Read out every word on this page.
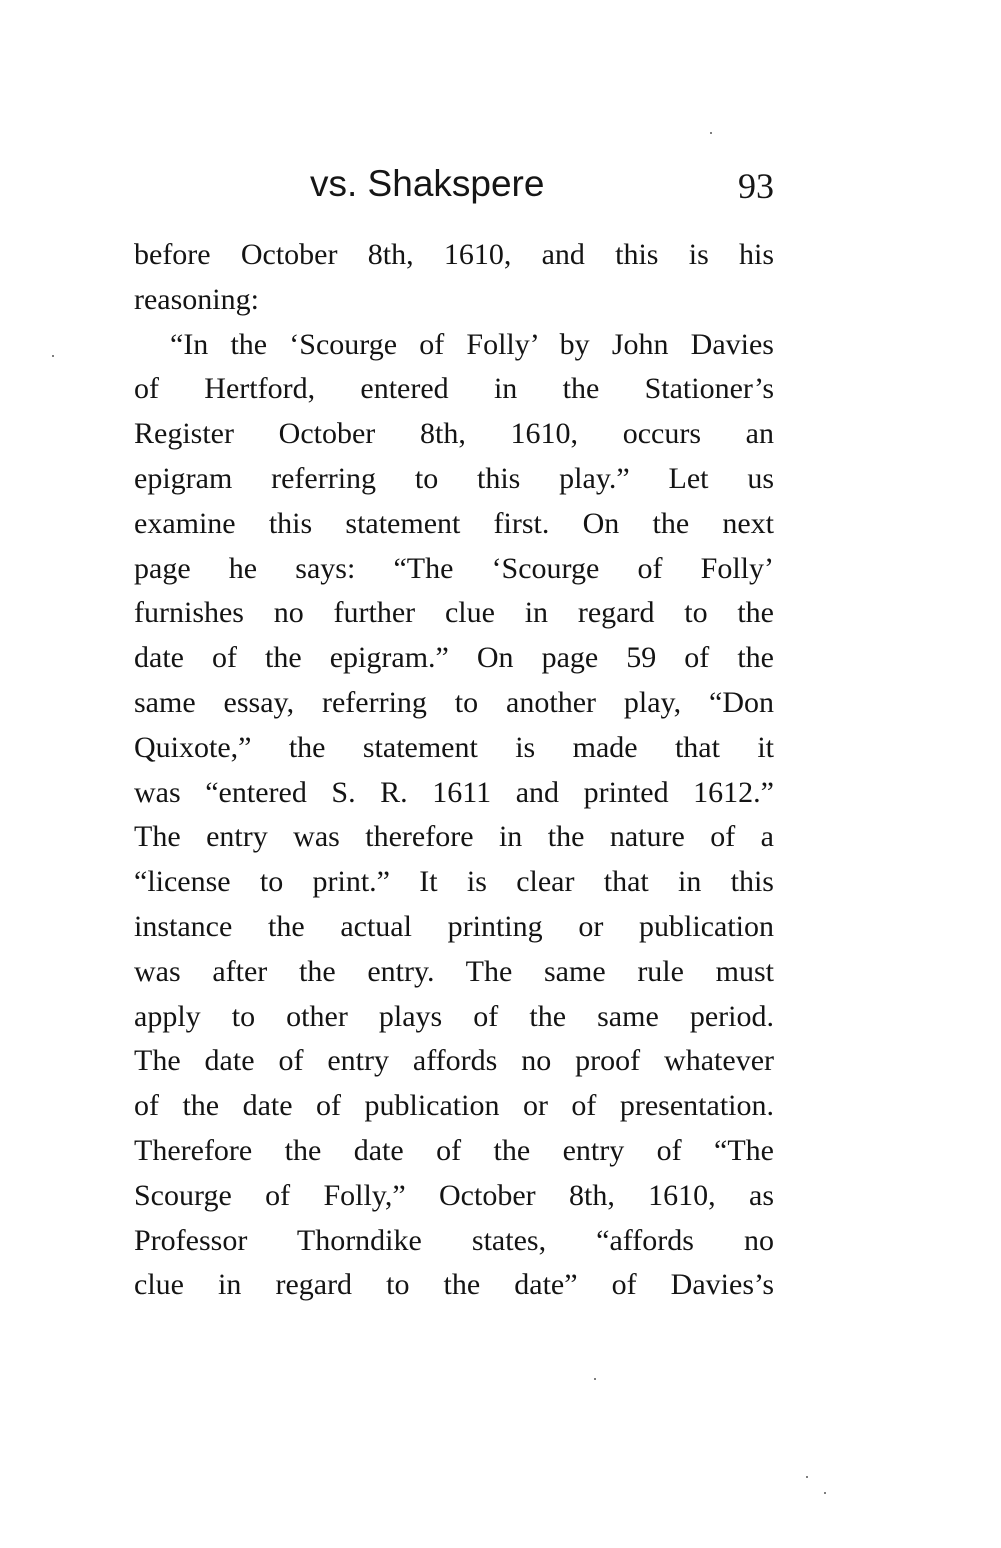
vs. Shakspere	93
before October 8th, 1610, and this is his
reasoning:
“In the ‘Scourge of Folly’ by John Davies
of Hertford, entered in the Stationer’s
Register October 8th, 1610, occurs an
epigram referring to this play.” Let us
examine this statement first. On the next
page he says: “The ‘Scourge of Folly’
furnishes no further clue in regard to the
date of the epigram.” On page 59 of the
same essay, referring to another play, “Don
Quixote,” the statement is made that it
was “entered S. R. 1611 and printed 1612.”
The entry was therefore in the nature of a
“license to print.” It is clear that in this
instance the actual printing or publication
was after the entry. The same rule must
apply to other plays of the same period.
The date of entry affords no proof whatever
of the date of publication or of presentation.
Therefore the date of the entry of “The
Scourge of Folly,” October 8th, 1610, as
Professor Thorndike states, “affords no
clue in regard to the date” of Davies’s
